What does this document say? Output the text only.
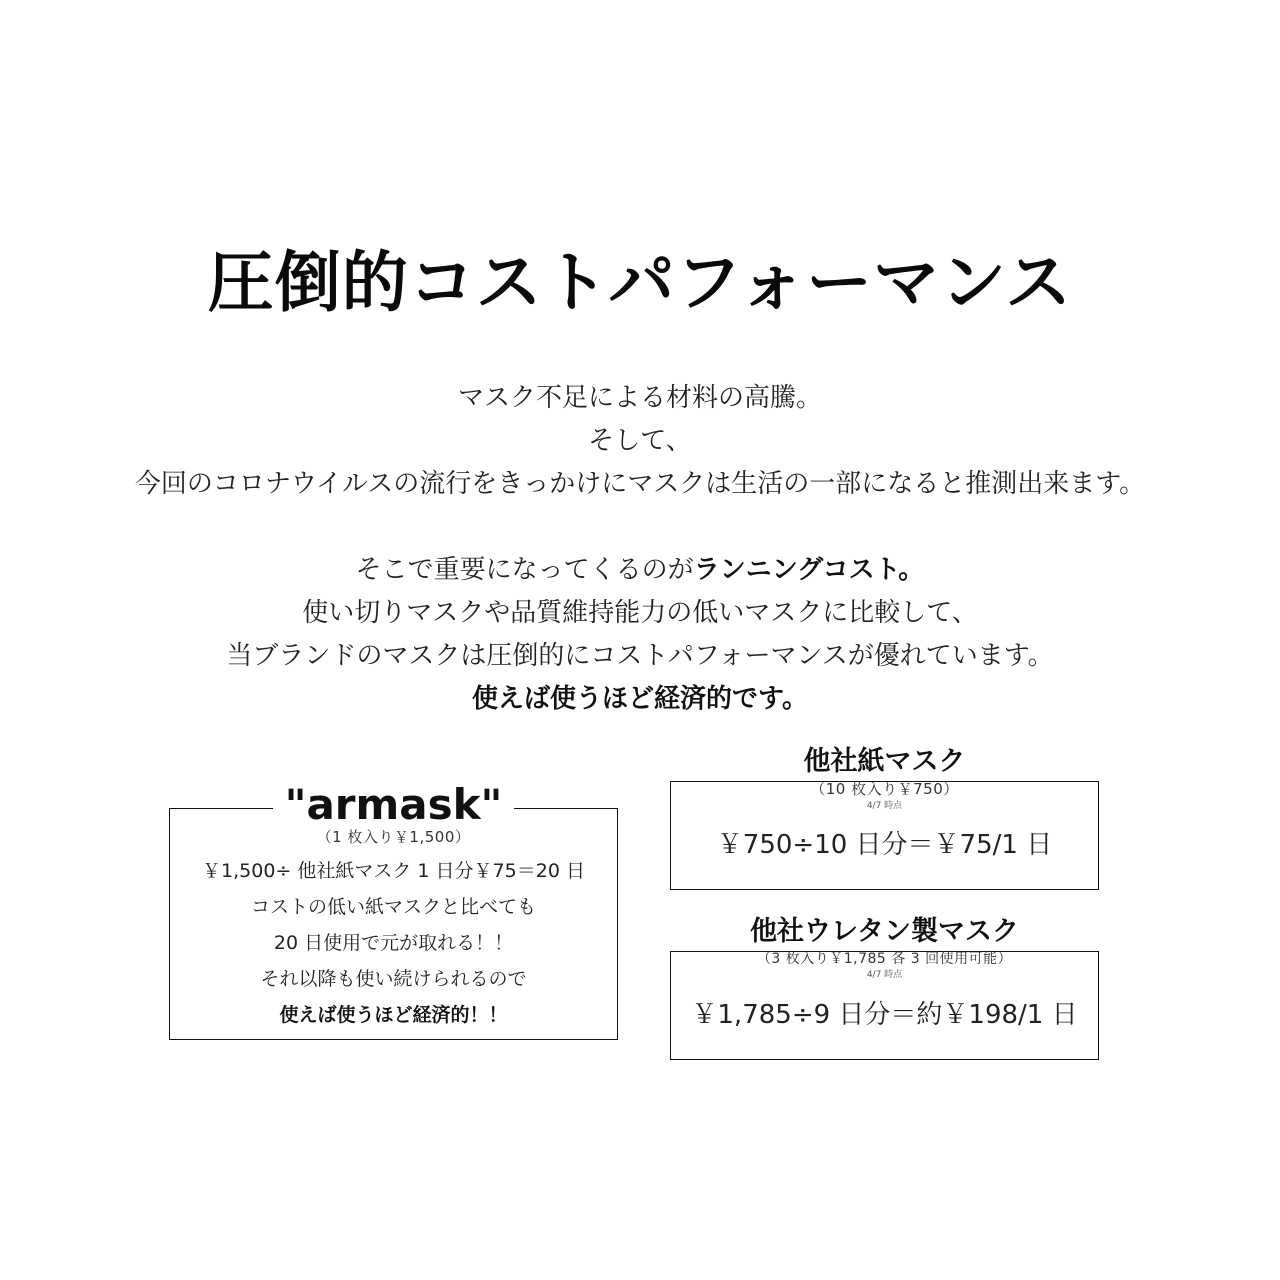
圧倒的コストパフォーマンス

マスク不足による材料の高騰。

そして、

今回のコロナウイルスの流行をきっかけにマスクは生活の一部になると推測出来ます。

そこで重要になってくるのがランニングコスト。

使い切りマスクや品質維持能力の低いマスクに比較して、

当ブランドのマスクは圧倒的にコストパフォーマンスが優れています。

使えば使うほど経済的です。

"armask"
（1 枚入り￥1,500）

￥1,500÷ 他社紙マスク 1 日分￥75＝20 日

コストの低い紙マスクと比べても

20 日使用で元が取れる！！

それ以降も使い続けられるので

使えば使うほど経済的！！

他社紙マスク
（10 枚入り￥750）
4/7 時点
￥750÷10 日分＝￥75/1 日
他社ウレタン製マスク
（3 枚入り￥1,785 各 3 回使用可能）
4/7 時点
￥1,785÷9 日分＝約￥198/1 日
